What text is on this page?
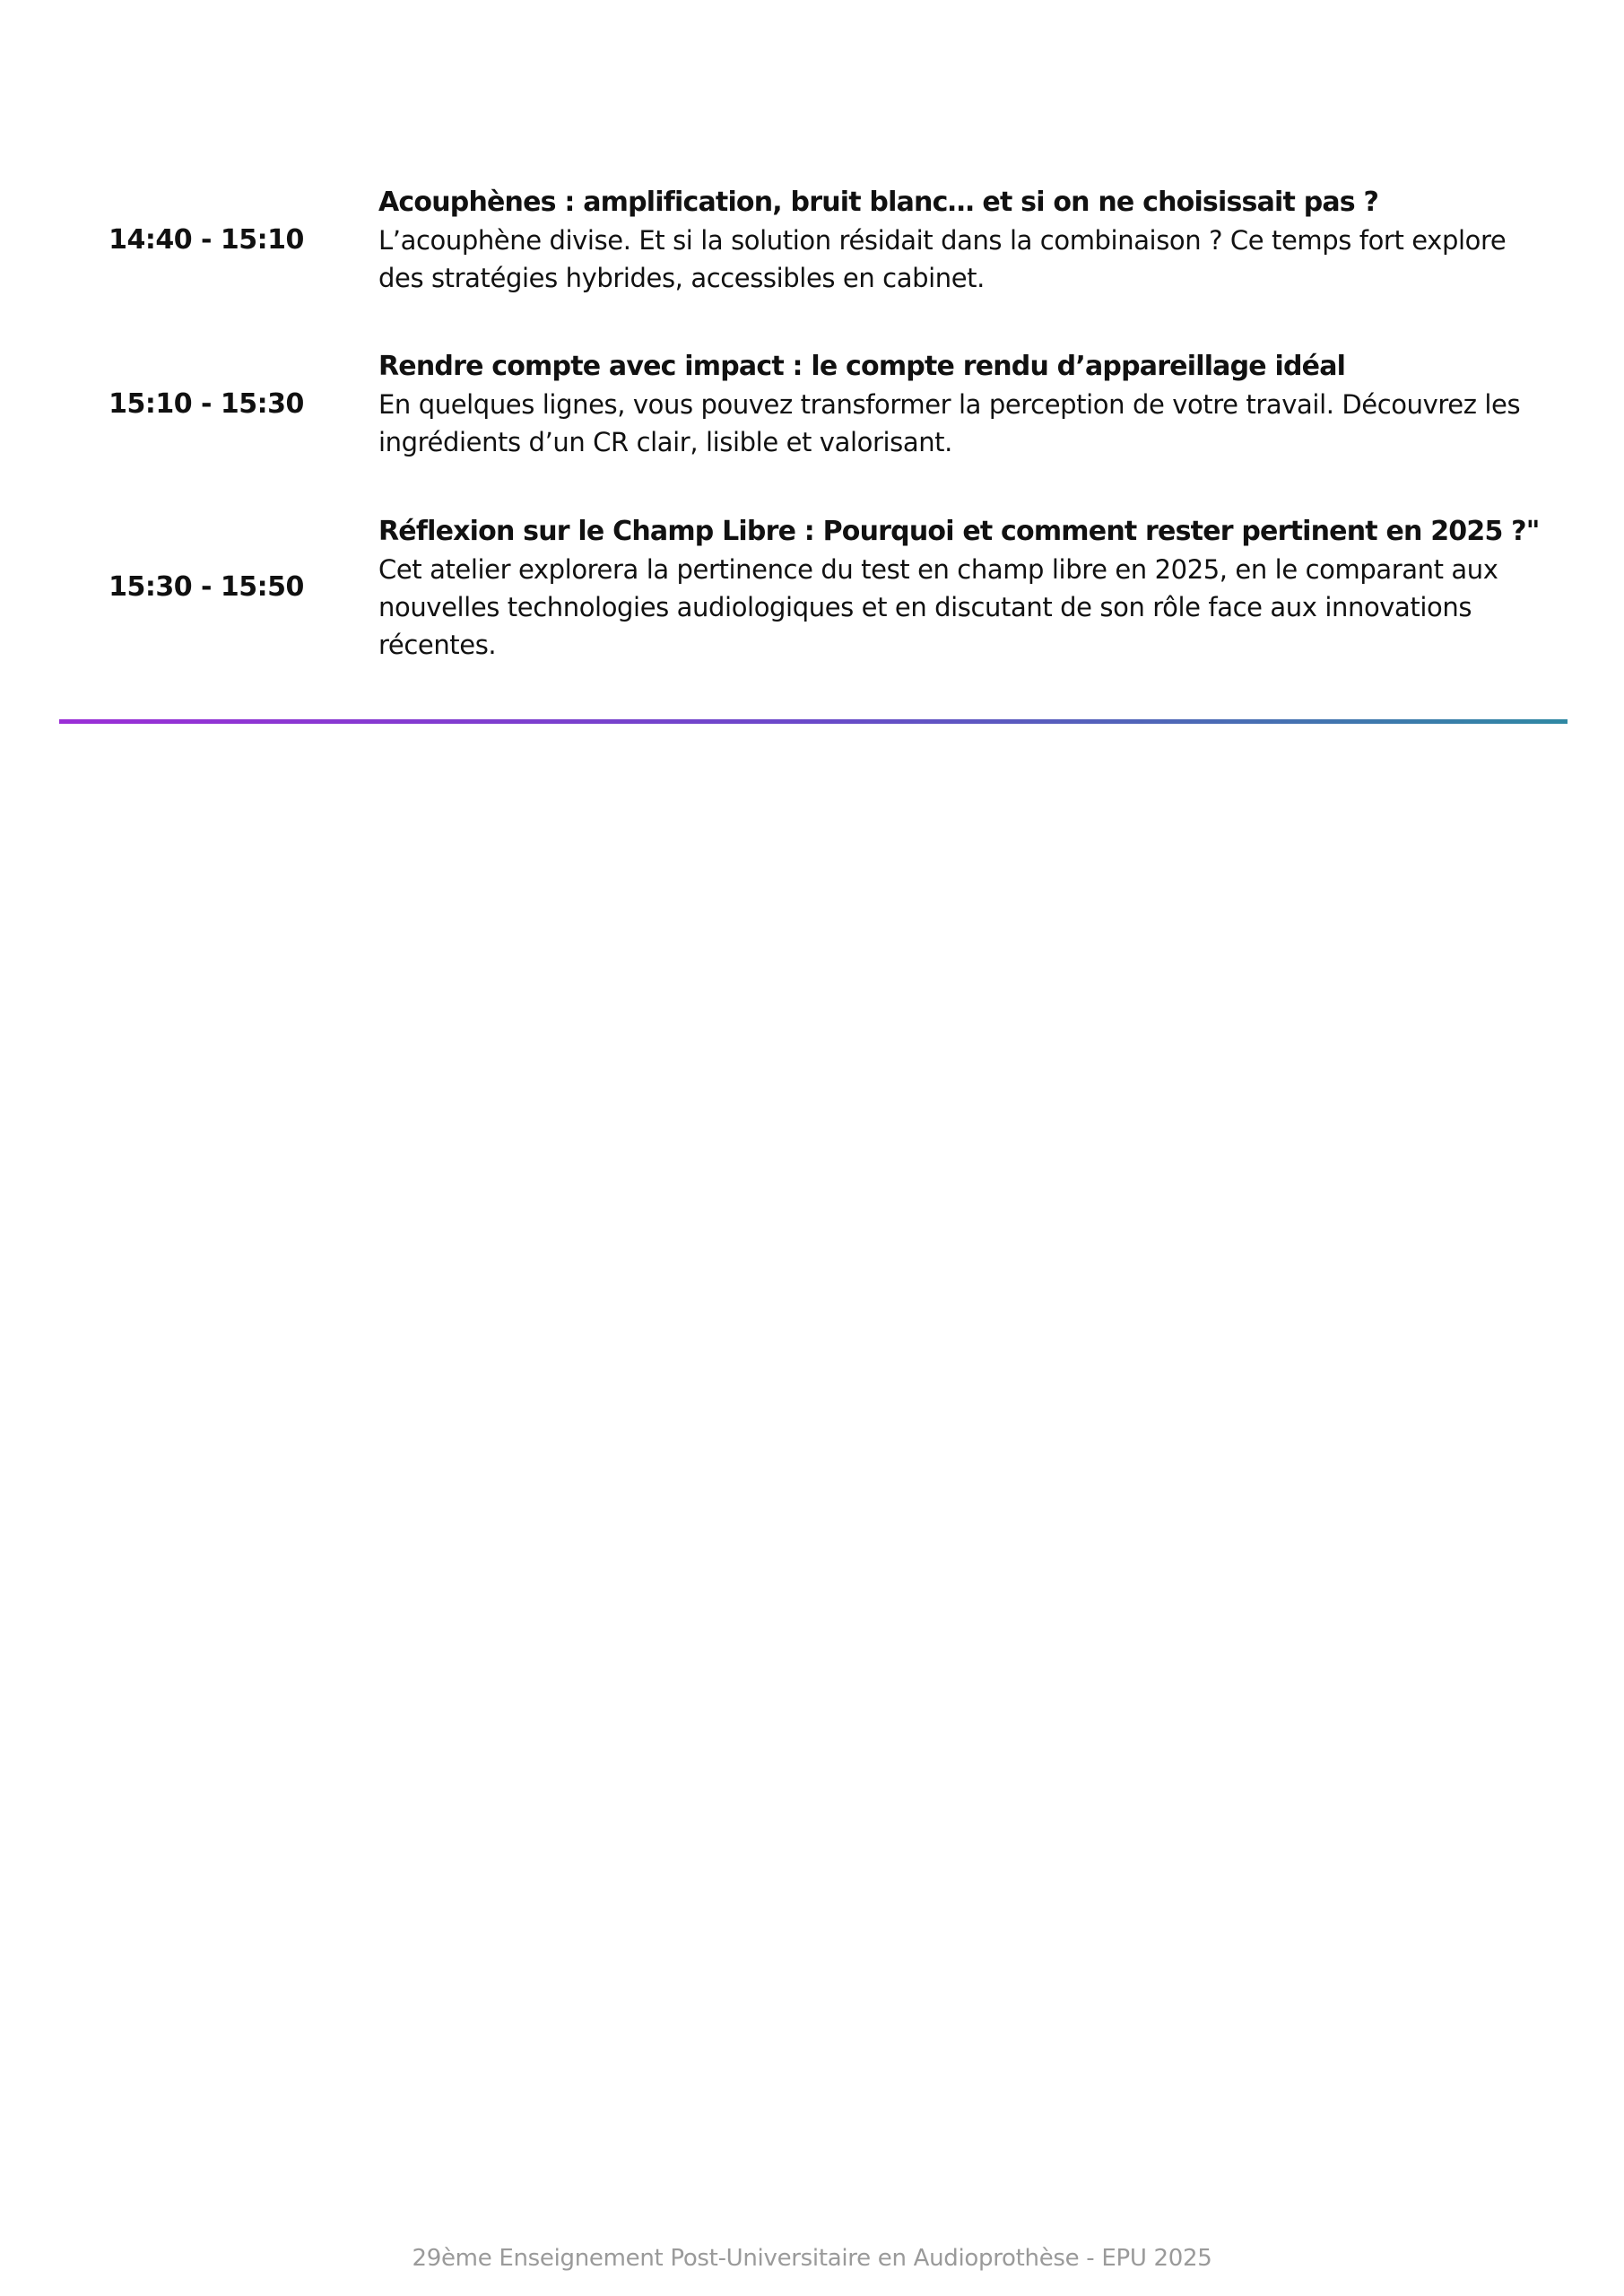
14:40 - 15:10
Acouphènes : amplification, bruit blanc… et si on ne choisissait pas ?
L’acouphène divise. Et si la solution résidait dans la combinaison ? Ce temps fort explore
des stratégies hybrides, accessibles en cabinet.
15:10 - 15:30
Rendre compte avec impact : le compte rendu d’appareillage idéal
En quelques lignes, vous pouvez transformer la perception de votre travail. Découvrez les
ingrédients d’un CR clair, lisible et valorisant.
15:30 - 15:50
Réflexion sur le Champ Libre : Pourquoi et comment rester pertinent en 2025 ?"
Cet atelier explorera la pertinence du test en champ libre en 2025, en le comparant aux
nouvelles technologies audiologiques et en discutant de son rôle face aux innovations
récentes.
29ème Enseignement Post-Universitaire en Audioprothèse - EPU 2025
